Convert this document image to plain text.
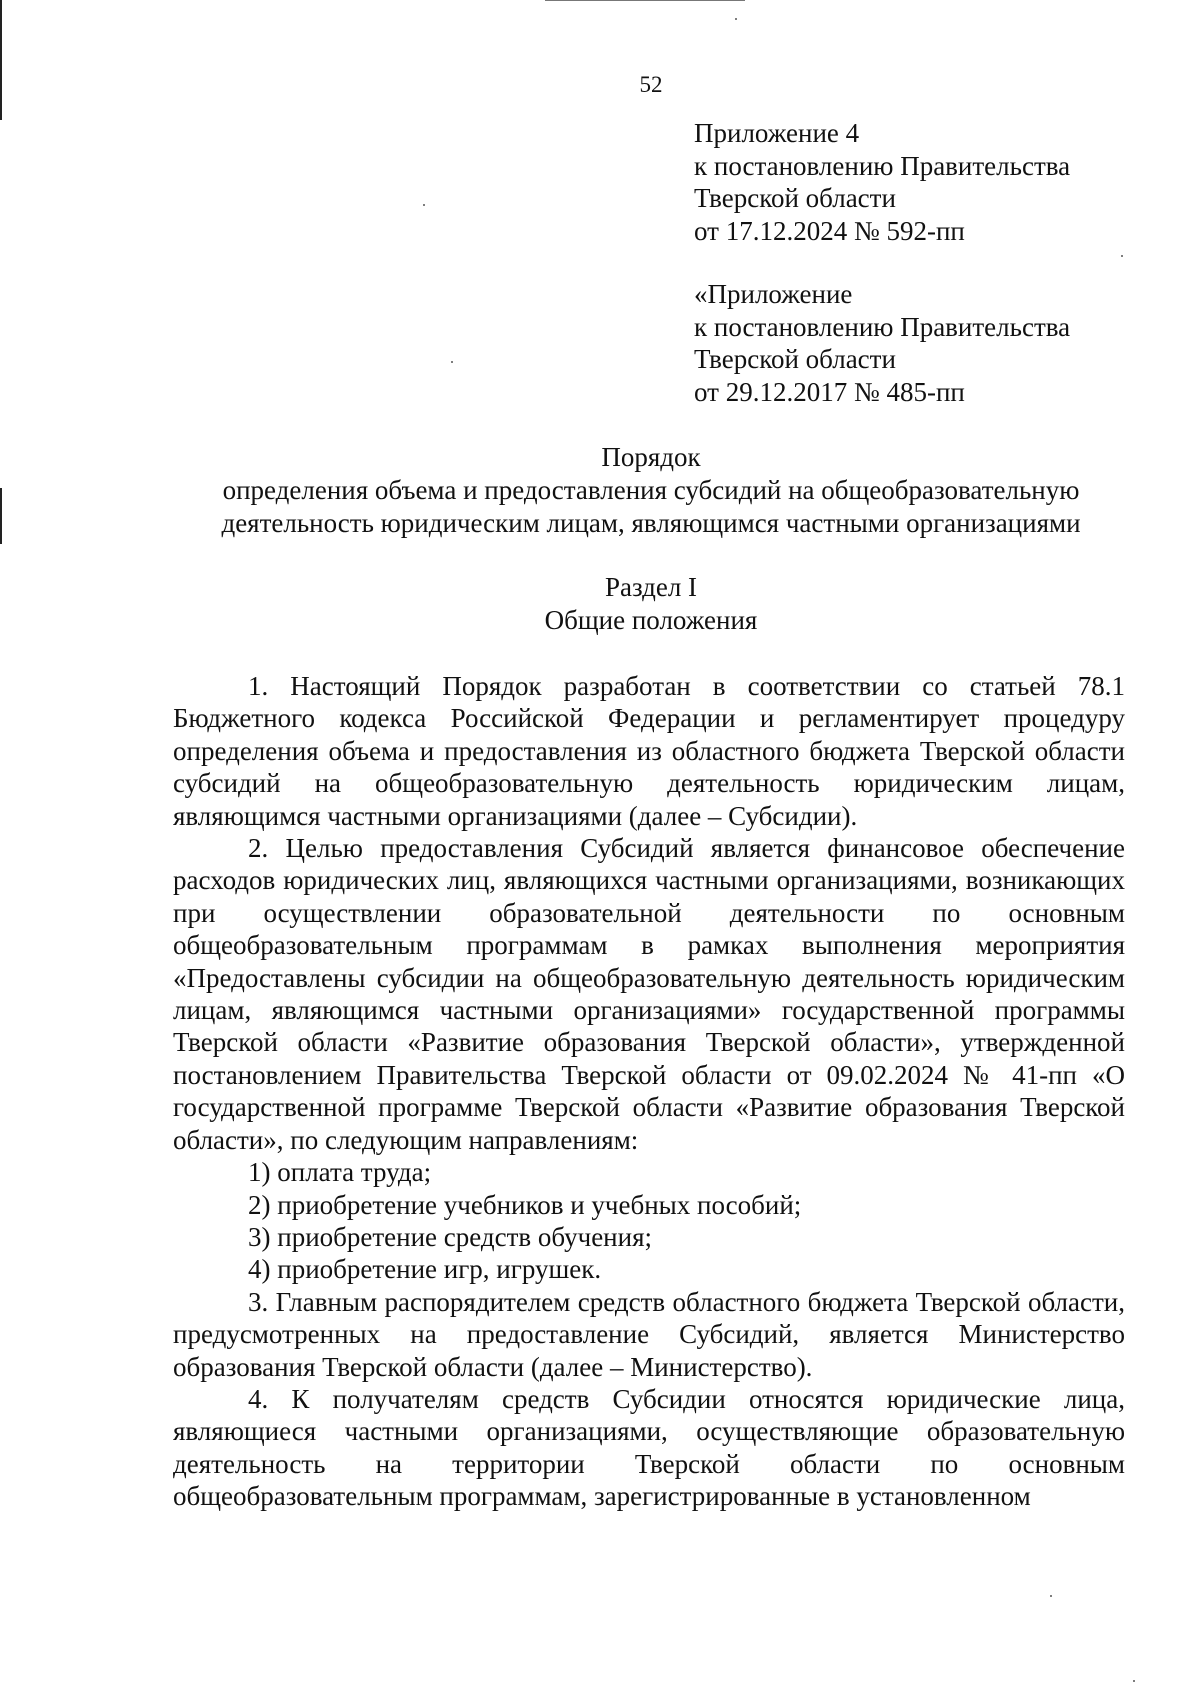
52
Приложение 4
к постановлению Правительства
Тверской области
от 17.12.2024 № 592-пп
«Приложение
к постановлению Правительства
Тверской области
от 29.12.2017 № 485-пп
Порядок
определения объема и предоставления субсидий на общеобразовательную
деятельность юридическим лицам, являющимся частными организациями
Раздел I
Общие положения

1. Настоящий Порядок разработан в соответствии со статьей 78.1 Бюджетного кодекса Российской Федерации и регламентирует процедуру определения объема и предоставления из областного бюджета Тверской области субсидий на общеобразовательную деятельность юридическим лицам, являющимся частными организациями (далее – Субсидии).

2. Целью предоставления Субсидий является финансовое обеспечение расходов юридических лиц, являющихся частными организациями, возникающих при осуществлении образовательной деятельности по основным общеобразовательным программам в рамках выполнения мероприятия «Предоставлены субсидии на общеобразовательную деятельность юридическим лицам, являющимся частными организациями» государственной программы Тверской области «Развитие образования Тверской области», утвержденной постановлением Правительства Тверской области от 09.02.2024 № 41-пп «О государственной программе Тверской области «Развитие образования Тверской области», по следующим направлениям:

1) оплата труда;

2) приобретение учебников и учебных пособий;

3) приобретение средств обучения;

4) приобретение игр, игрушек.

3. Главным распорядителем средств областного бюджета Тверской области, предусмотренных на предоставление Субсидий, является Министерство образования Тверской области (далее – Министерство).

4. К получателям средств Субсидии относятся юридические лица, являющиеся частными организациями, осуществляющие образовательную деятельность на территории Тверской области по основным общеобразовательным программам, зарегистрированные в установленном
